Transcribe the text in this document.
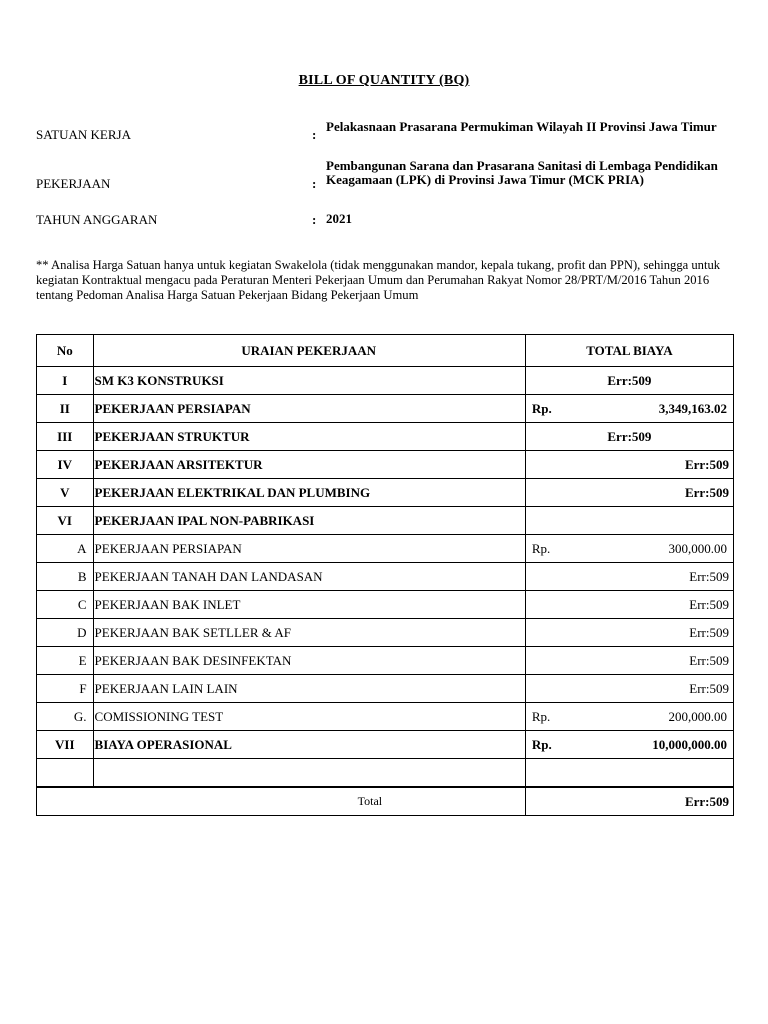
BILL OF QUANTITY (BQ)
SATUAN KERJA	:
Pelakasnaan Prasarana Permukiman Wilayah II Provinsi Jawa Timur
PEKERJAAN	:
Pembangunan Sarana dan Prasarana Sanitasi di Lembaga Pendidikan Keagamaan (LPK) di Provinsi Jawa Timur (MCK PRIA)
TAHUN ANGGARAN	: 2021
** Analisa Harga Satuan hanya untuk kegiatan Swakelola (tidak menggunakan mandor, kepala tukang, profit dan PPN), sehingga untuk kegiatan Kontraktual mengacu pada Peraturan Menteri Pekerjaan Umum dan Perumahan Rakyat Nomor 28/PRT/M/2016 Tahun 2016 tentang Pedoman Analisa Harga Satuan Pekerjaan Bidang Pekerjaan Umum
No	URAIAN PEKERJAAN	TOTAL BIAYA
I	SM K3 KONSTRUKSI	Err:509

II	PEKERJAAN PERSIAPAN	Rp. 3,349,163.02

III	PEKERJAAN STRUKTUR	Err:509

IV	PEKERJAAN ARSITEKTUR	Err:509

V	PEKERJAAN ELEKTRIKAL DAN PLUMBING	Err:509

VI	PEKERJAAN IPAL NON-PABRIKASI	

A	PEKERJAAN PERSIAPAN	Rp. 300,000.00

B	PEKERJAAN TANAH DAN LANDASAN	Err:509

C	PEKERJAAN BAK INLET	Err:509

D	PEKERJAAN BAK SETLLER & AF	Err:509

E	PEKERJAAN BAK DESINFEKTAN	Err:509

F	PEKERJAAN LAIN LAIN	Err:509

G.	COMISSIONING TEST	Rp. 200,000.00

VII	BIAYA OPERASIONAL	Rp. 10,000,000.00

Total		Err:509
